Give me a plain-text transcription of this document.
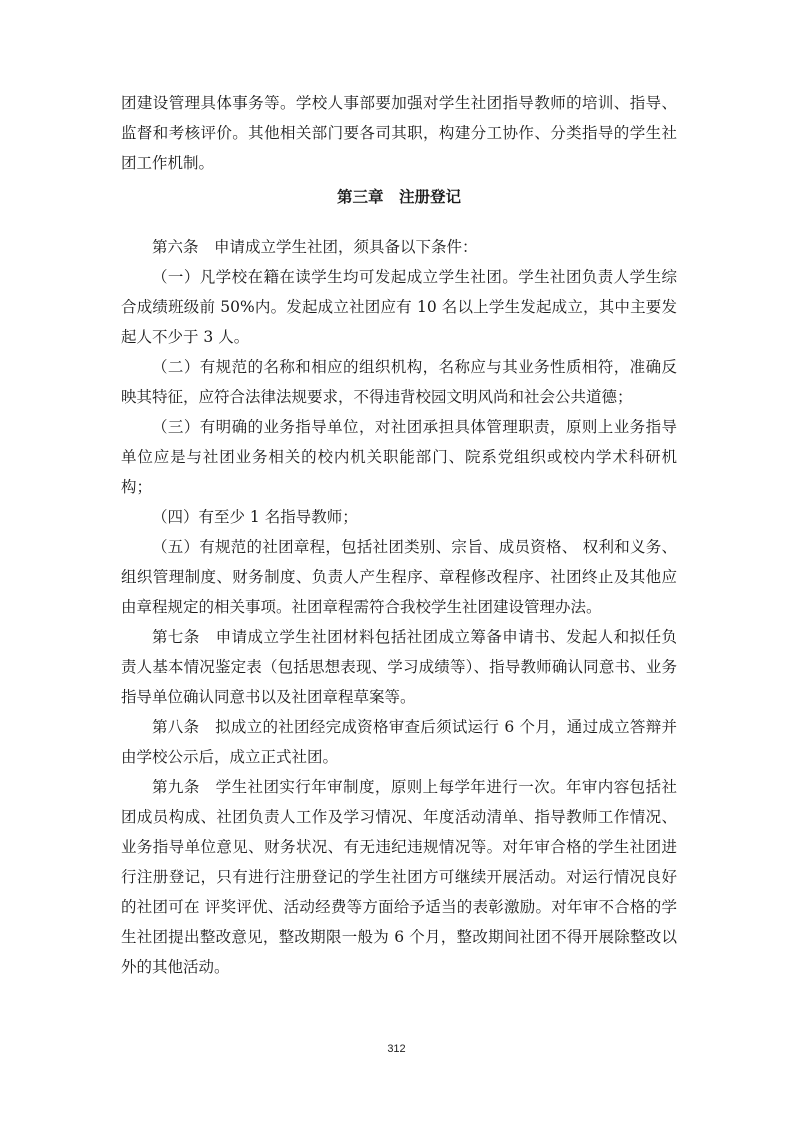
团建设管理具体事务等。学校人事部要加强对学生社团指导教师的培训、指导、监督和考核评价。其他相关部门要各司其职，构建分工协作、分类指导的学生社团工作机制。

第三章　注册登记

第六条　申请成立学生社团，须具备以下条件：

（一）凡学校在籍在读学生均可发起成立学生社团。学生社团负责人学生综合成绩班级前 50%内。发起成立社团应有 10 名以上学生发起成立，其中主要发起人不少于 3 人。

（二）有规范的名称和相应的组织机构，名称应与其业务性质相符，准确反映其特征，应符合法律法规要求，不得违背校园文明风尚和社会公共道德；

（三）有明确的业务指导单位，对社团承担具体管理职责，原则上业务指导单位应是与社团业务相关的校内机关职能部门、院系党组织或校内学术科研机构；

（四）有至少 1 名指导教师；

（五）有规范的社团章程，包括社团类别、宗旨、成员资格、 权利和义务、组织管理制度、财务制度、负责人产生程序、章程修改程序、社团终止及其他应由章程规定的相关事项。社团章程需符合我校学生社团建设管理办法。

第七条　申请成立学生社团材料包括社团成立筹备申请书、发起人和拟任负责人基本情况鉴定表（包括思想表现、学习成绩等）、指导教师确认同意书、业务指导单位确认同意书以及社团章程草案等。

第八条　拟成立的社团经完成资格审查后须试运行 6 个月，通过成立答辩并由学校公示后，成立正式社团。

第九条　学生社团实行年审制度，原则上每学年进行一次。年审内容包括社团成员构成、社团负责人工作及学习情况、年度活动清单、指导教师工作情况、业务指导单位意见、财务状况、有无违纪违规情况等。对年审合格的学生社团进行注册登记，只有进行注册登记的学生社团方可继续开展活动。对运行情况良好的社团可在 评奖评优、活动经费等方面给予适当的表彰激励。对年审不合格的学生社团提出整改意见，整改期限一般为 6 个月，整改期间社团不得开展除整改以外的其他活动。

312
